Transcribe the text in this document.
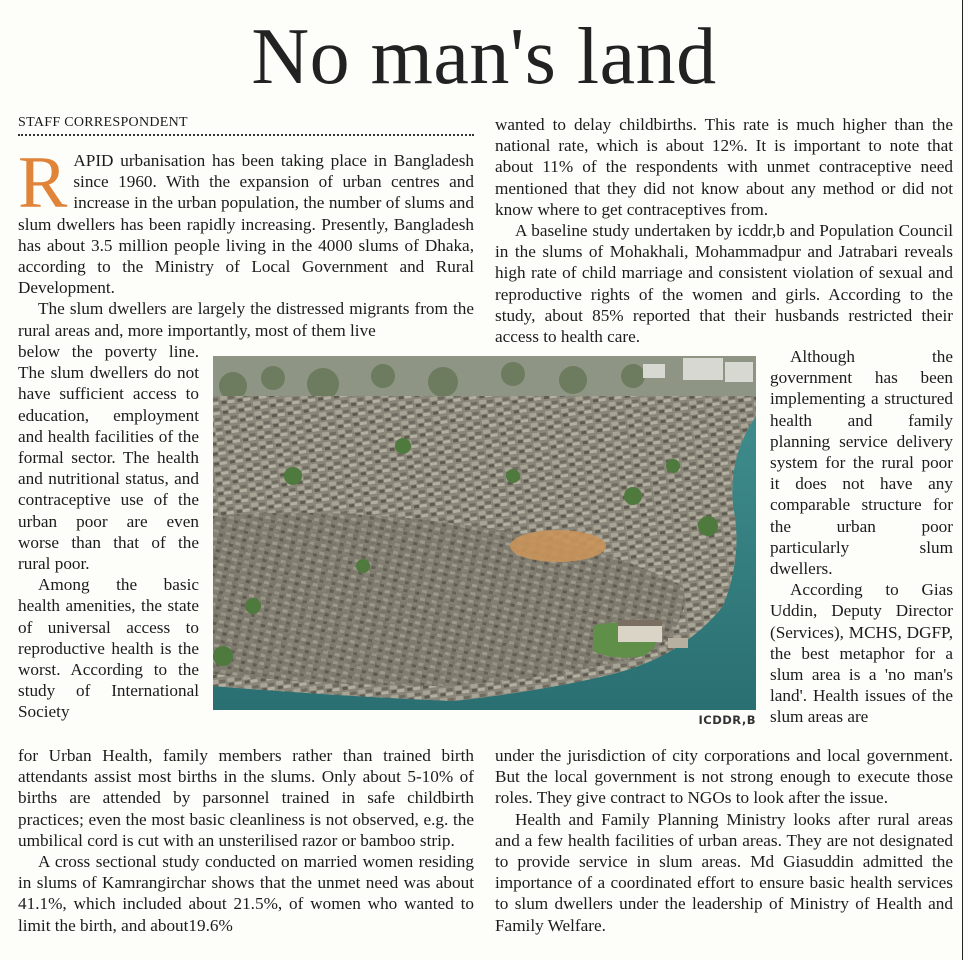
No man's land
STAFF CORRESPONDENT

RAPID urbanisation has been taking place in Bangladesh since 1960. With the expansion of urban centres and increase in the urban population, the number of slums and slum dwellers has been rapidly increasing. Presently, Bangladesh has about 3.5 million people living in the 4000 slums of Dhaka, according to the Ministry of Local Government and Rural Development.

The slum dwellers are largely the distressed migrants from the rural areas and, more importantly, most of them live

below the poverty line. The slum dwellers do not have sufficient access to education, employment and health facilities of the formal sector. The health and nutritional status, and contraceptive use of the urban poor are even worse than that of the rural poor.

Among the basic health amenities, the state of universal access to reproductive health is the worst. According to the study of International Society

for Urban Health, family members rather than trained birth attendants assist most births in the slums. Only about 5-10% of births are attended by parsonnel trained in safe childbirth practices; even the most basic cleanliness is not observed, e.g. the umbilical cord is cut with an unsterilised razor or bamboo strip.

A cross sectional study conducted on married women residing in slums of Kamrangirchar shows that the unmet need was about 41.1%, which included about 21.5%, of women who wanted to limit the birth, and about19.6%

wanted to delay childbirths. This rate is much higher than the national rate, which is about 12%. It is important to note that about 11% of the respondents with unmet contraceptive need mentioned that they did not know about any method or did not know where to get contraceptives from.

A baseline study undertaken by icddr,b and Population Council in the slums of Mohakhali, Mohammadpur and Jatrabari reveals high rate of child marriage and consistent violation of sexual and reproductive rights of the women and girls. According to the study, about 85% reported that their husbands restricted their access to health care.

Although the government has been implementing a structured health and family planning service delivery system for the rural poor it does not have any comparable structure for the urban poor particularly slum dwellers.

According to Gias Uddin, Deputy Director (Services), MCHS, DGFP, the best metaphor for a slum area is a 'no man's land'. Health issues of the slum areas are

under the jurisdiction of city corporations and local government. But the local government is not strong enough to execute those roles. They give contract to NGOs to look after the issue.

Health and Family Planning Ministry looks after rural areas and a few health facilities of urban areas. They are not designated to provide service in slum areas. Md Giasuddin admitted the importance of a coordinated effort to ensure basic health services to slum dwellers under the leadership of Ministry of Health and Family Welfare.

ICDDR,B
